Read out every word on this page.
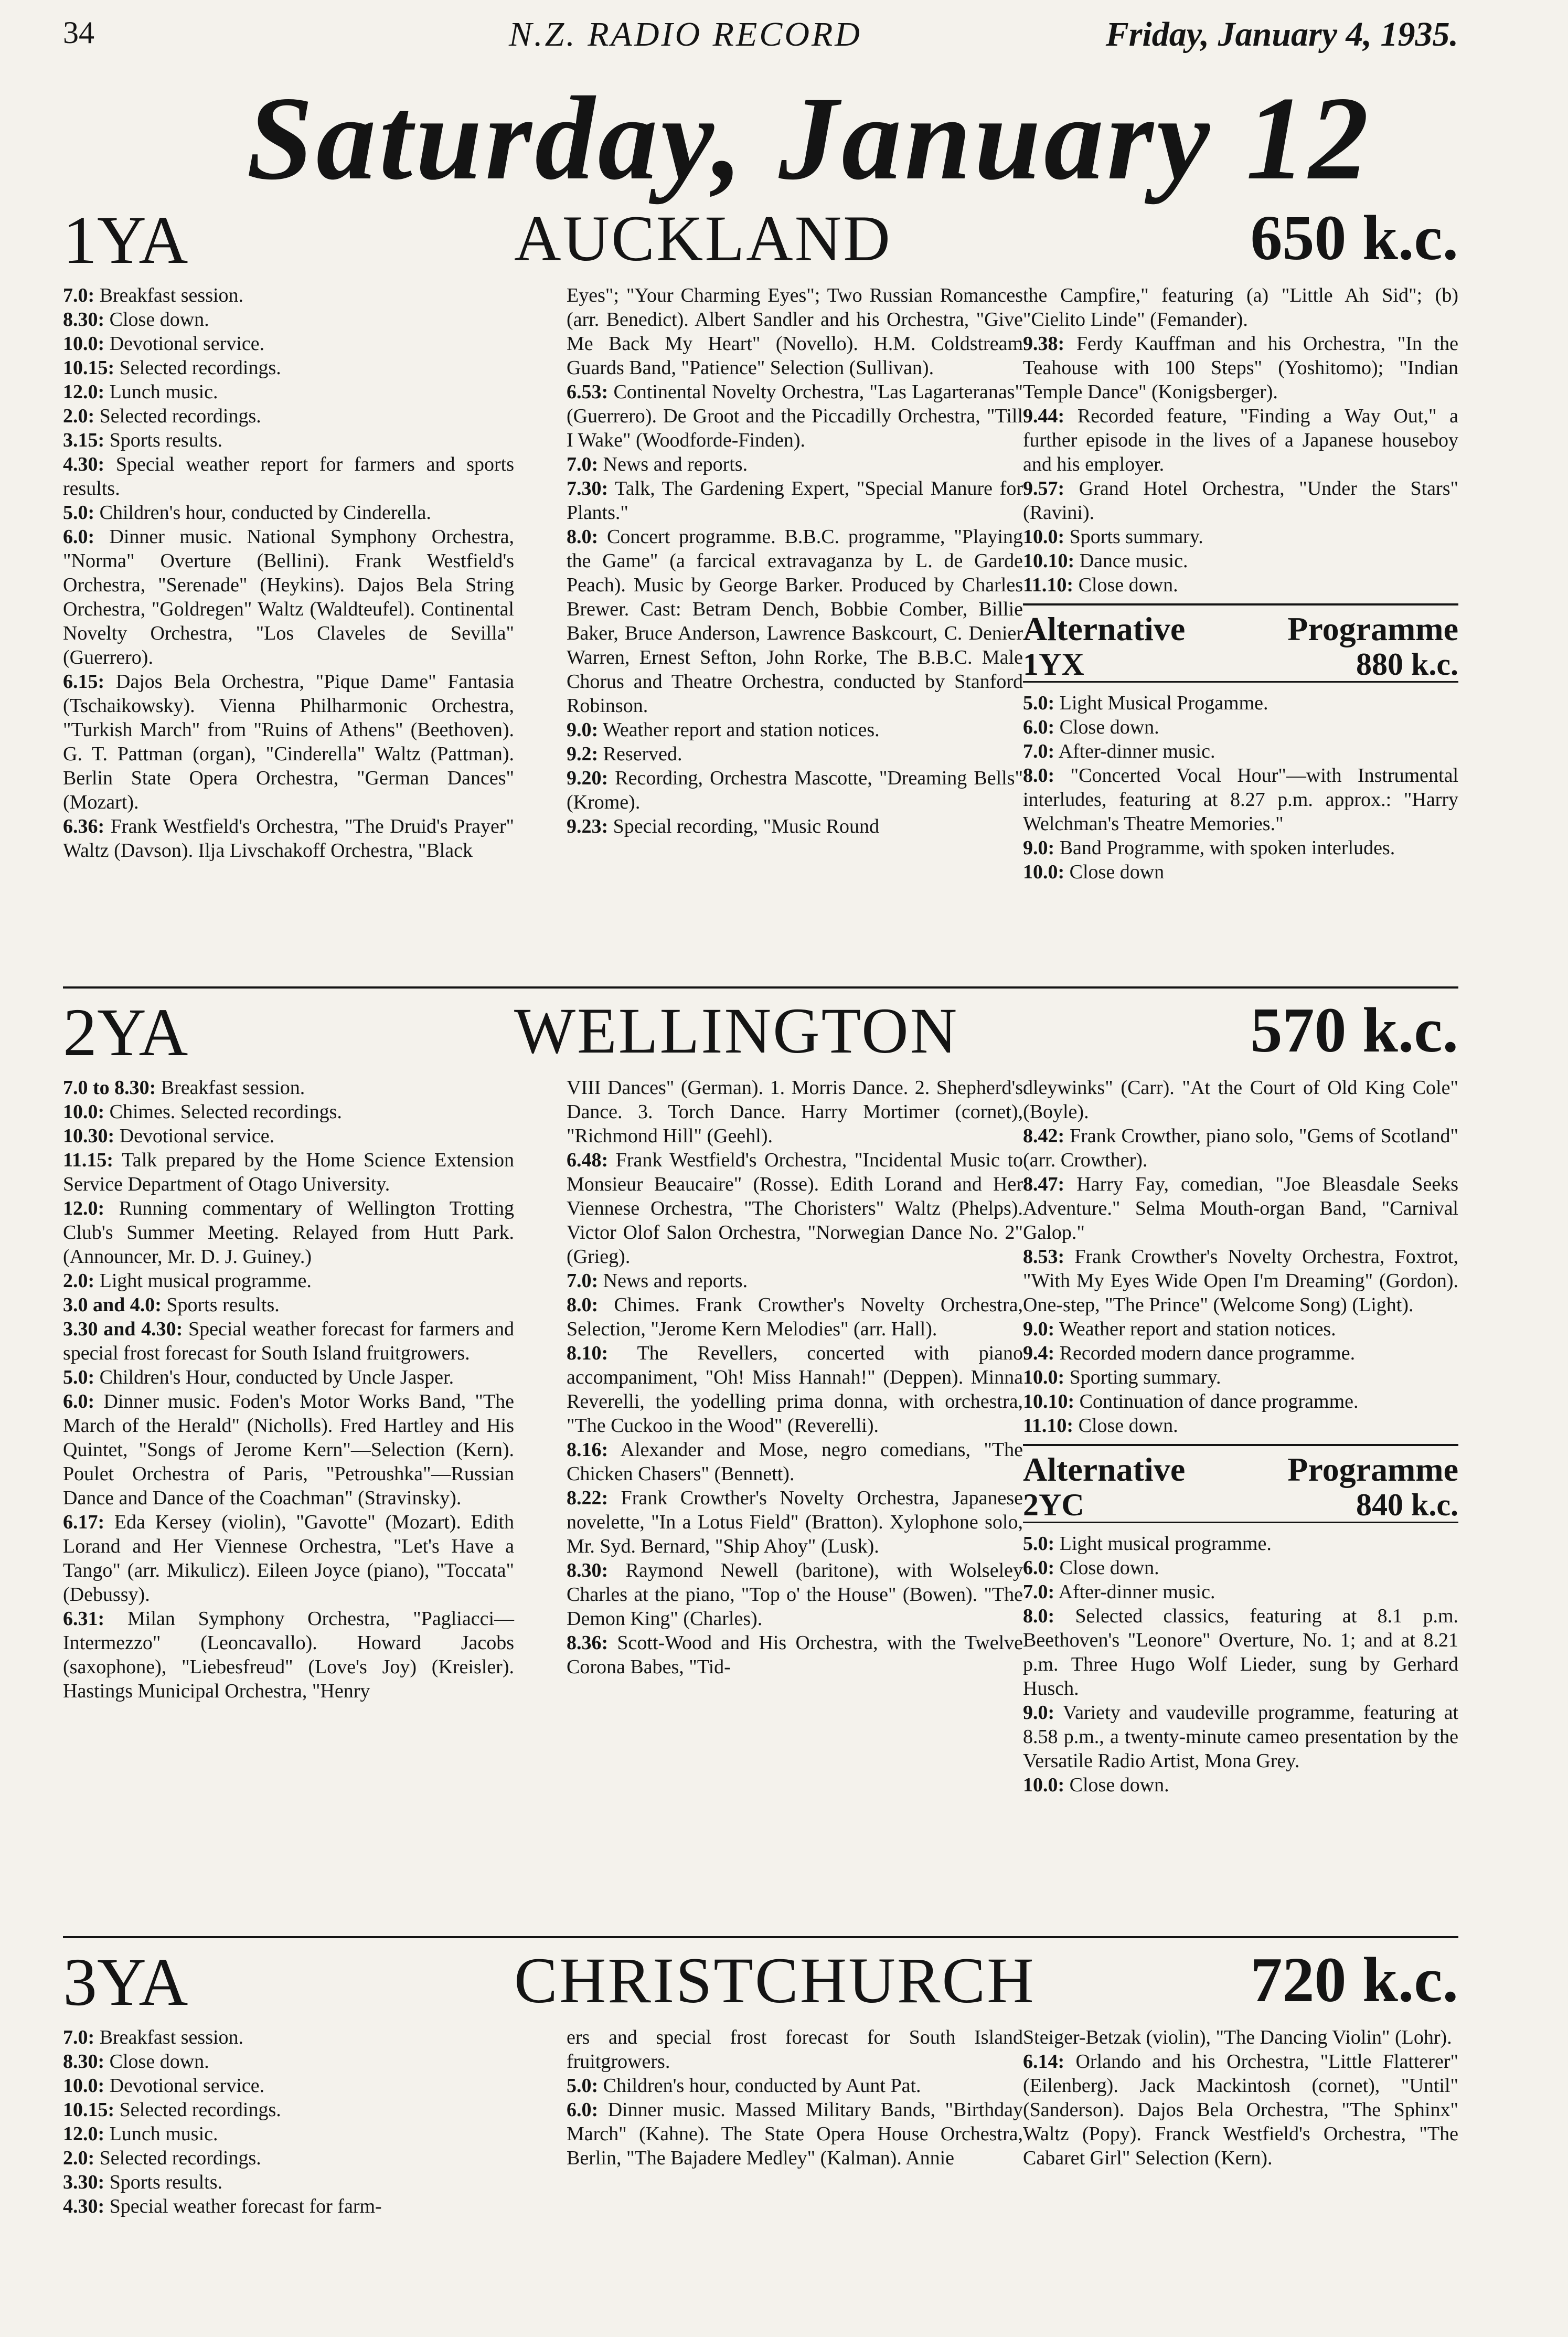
34	N.Z. RADIO RECORD	Friday, January 4, 1935.
Saturday, January 12
1YA	AUCKLAND	650 k.c.
7.0: Breakfast session.
8.30: Close down.
10.0: Devotional service.
10.15: Selected recordings.
12.0: Lunch music.
2.0: Selected recordings.
3.15: Sports results.
4.30: Special weather report for farmers and sports results.
5.0: Children's hour, conducted by Cinderella.
6.0: Dinner music. National Symphony Orchestra, "Norma" Overture (Bellini). Frank Westfield's Orchestra, "Serenade" (Heykins). Dajos Bela String Orchestra, "Goldregen" Waltz (Waldteufel). Continental Novelty Orchestra, "Los Claveles de Sevilla" (Guerrero).
6.15: Dajos Bela Orchestra, "Pique Dame" Fantasia (Tschaikowsky). Vienna Philharmonic Orchestra, "Turkish March" from "Ruins of Athens" (Beethoven). G. T. Pattman (organ), "Cinderella" Waltz (Pattman). Berlin State Opera Orchestra, "German Dances" (Mozart).
6.36: Frank Westfield's Orchestra, "The Druid's Prayer" Waltz (Davson). Ilja Livschakoff Orchestra, "Black
Eyes"; "Your Charming Eyes"; Two Russian Romances (arr. Benedict). Albert Sandler and his Orchestra, "Give Me Back My Heart" (Novello). H.M. Coldstream Guards Band, "Patience" Selection (Sullivan).
6.53: Continental Novelty Orchestra, "Las Lagarteranas" (Guerrero). De Groot and the Piccadilly Orchestra, "Till I Wake" (Woodforde-Finden).
7.0: News and reports.
7.30: Talk, The Gardening Expert, "Special Manure for Plants."
8.0: Concert programme. B.B.C. programme, "Playing the Game" (a farcical extravaganza by L. de Garde Peach). Music by George Barker. Produced by Charles Brewer. Cast: Betram Dench, Bobbie Comber, Billie Baker, Bruce Anderson, Lawrence Baskcourt, C. Denier Warren, Ernest Sefton, John Rorke, The B.B.C. Male Chorus and Theatre Orchestra, conducted by Stanford Robinson.
9.0: Weather report and station notices.
9.2: Reserved.
9.20: Recording, Orchestra Mascotte, "Dreaming Bells" (Krome).
9.23: Special recording, "Music Round
the Campfire," featuring (a) "Little Ah Sid"; (b) "Cielito Linde" (Femander).
9.38: Ferdy Kauffman and his Orchestra, "In the Teahouse with 100 Steps" (Yoshitomo); "Indian Temple Dance" (Konigsberger).
9.44: Recorded feature, "Finding a Way Out," a further episode in the lives of a Japanese houseboy and his employer.
9.57: Grand Hotel Orchestra, "Under the Stars" (Ravini).
10.0: Sports summary.
10.10: Dance music.
11.10: Close down.
Alternative	Programme
1YX	880 k.c.
5.0: Light Musical Progamme.
6.0: Close down.
7.0: After-dinner music.
8.0: "Concerted Vocal Hour"—with Instrumental interludes, featuring at 8.27 p.m. approx.: "Harry Welchman's Theatre Memories."
9.0: Band Programme, with spoken interludes.
10.0: Close down
2YA	WELLINGTON	570 k.c.
7.0 to 8.30: Breakfast session.
10.0: Chimes. Selected recordings.
10.30: Devotional service.
11.15: Talk prepared by the Home Science Extension Service Department of Otago University.
12.0: Running commentary of Wellington Trotting Club's Summer Meeting. Relayed from Hutt Park. (Announcer, Mr. D. J. Guiney.)
2.0: Light musical programme.
3.0 and 4.0: Sports results.
3.30 and 4.30: Special weather forecast for farmers and special frost forecast for South Island fruitgrowers.
5.0: Children's Hour, conducted by Uncle Jasper.
6.0: Dinner music. Foden's Motor Works Band, "The March of the Herald" (Nicholls). Fred Hartley and His Quintet, "Songs of Jerome Kern"—Selection (Kern). Poulet Orchestra of Paris, "Petroushka"—Russian Dance and Dance of the Coachman" (Stravinsky).
6.17: Eda Kersey (violin), "Gavotte" (Mozart). Edith Lorand and Her Viennese Orchestra, "Let's Have a Tango" (arr. Mikulicz). Eileen Joyce (piano), "Toccata" (Debussy).
6.31: Milan Symphony Orchestra, "Pagliacci—Intermezzo" (Leoncavallo). Howard Jacobs (saxophone), "Liebesfreud" (Love's Joy) (Kreisler). Hastings Municipal Orchestra, "Henry
VIII Dances" (German). 1. Morris Dance. 2. Shepherd's Dance. 3. Torch Dance. Harry Mortimer (cornet), "Richmond Hill" (Geehl).
6.48: Frank Westfield's Orchestra, "Incidental Music to Monsieur Beaucaire" (Rosse). Edith Lorand and Her Viennese Orchestra, "The Choristers" Waltz (Phelps). Victor Olof Salon Orchestra, "Norwegian Dance No. 2" (Grieg).
7.0: News and reports.
8.0: Chimes. Frank Crowther's Novelty Orchestra, Selection, "Jerome Kern Melodies" (arr. Hall).
8.10: The Revellers, concerted with piano accompaniment, "Oh! Miss Hannah!" (Deppen). Minna Reverelli, the yodelling prima donna, with orchestra, "The Cuckoo in the Wood" (Reverelli).
8.16: Alexander and Mose, negro comedians, "The Chicken Chasers" (Bennett).
8.22: Frank Crowther's Novelty Orchestra, Japanese novelette, "In a Lotus Field" (Bratton). Xylophone solo, Mr. Syd. Bernard, "Ship Ahoy" (Lusk).
8.30: Raymond Newell (baritone), with Wolseley Charles at the piano, "Top o' the House" (Bowen). "The Demon King" (Charles).
8.36: Scott-Wood and His Orchestra, with the Twelve Corona Babes, "Tid-
dleywinks" (Carr). "At the Court of Old King Cole" (Boyle).
8.42: Frank Crowther, piano solo, "Gems of Scotland" (arr. Crowther).
8.47: Harry Fay, comedian, "Joe Bleasdale Seeks Adventure." Selma Mouth-organ Band, "Carnival Galop."
8.53: Frank Crowther's Novelty Orchestra, Foxtrot, "With My Eyes Wide Open I'm Dreaming" (Gordon). One-step, "The Prince" (Welcome Song) (Light).
9.0: Weather report and station notices.
9.4: Recorded modern dance programme.
10.0: Sporting summary.
10.10: Continuation of dance programme.
11.10: Close down.
Alternative	Programme
2YC	840 k.c.
5.0: Light musical programme.
6.0: Close down.
7.0: After-dinner music.
8.0: Selected classics, featuring at 8.1 p.m. Beethoven's "Leonore" Overture, No. 1; and at 8.21 p.m. Three Hugo Wolf Lieder, sung by Gerhard Husch.
9.0: Variety and vaudeville programme, featuring at 8.58 p.m., a twenty-minute cameo presentation by the Versatile Radio Artist, Mona Grey.
10.0: Close down.
3YA	CHRISTCHURCH	720 k.c.
7.0: Breakfast session.
8.30: Close down.
10.0: Devotional service.
10.15: Selected recordings.
12.0: Lunch music.
2.0: Selected recordings.
3.30: Sports results.
4.30: Special weather forecast for farm-
ers and special frost forecast for South Island fruitgrowers.
5.0: Children's hour, conducted by Aunt Pat.
6.0: Dinner music. Massed Military Bands, "Birthday March" (Kahne). The State Opera House Orchestra, Berlin, "The Bajadere Medley" (Kalman). Annie
Steiger-Betzak (violin), "The Dancing Violin" (Lohr).
6.14: Orlando and his Orchestra, "Little Flatterer" (Eilenberg). Jack Mackintosh (cornet), "Until" (Sanderson). Dajos Bela Orchestra, "The Sphinx" Waltz (Popy). Franck Westfield's Orchestra, "The Cabaret Girl" Selection (Kern).
